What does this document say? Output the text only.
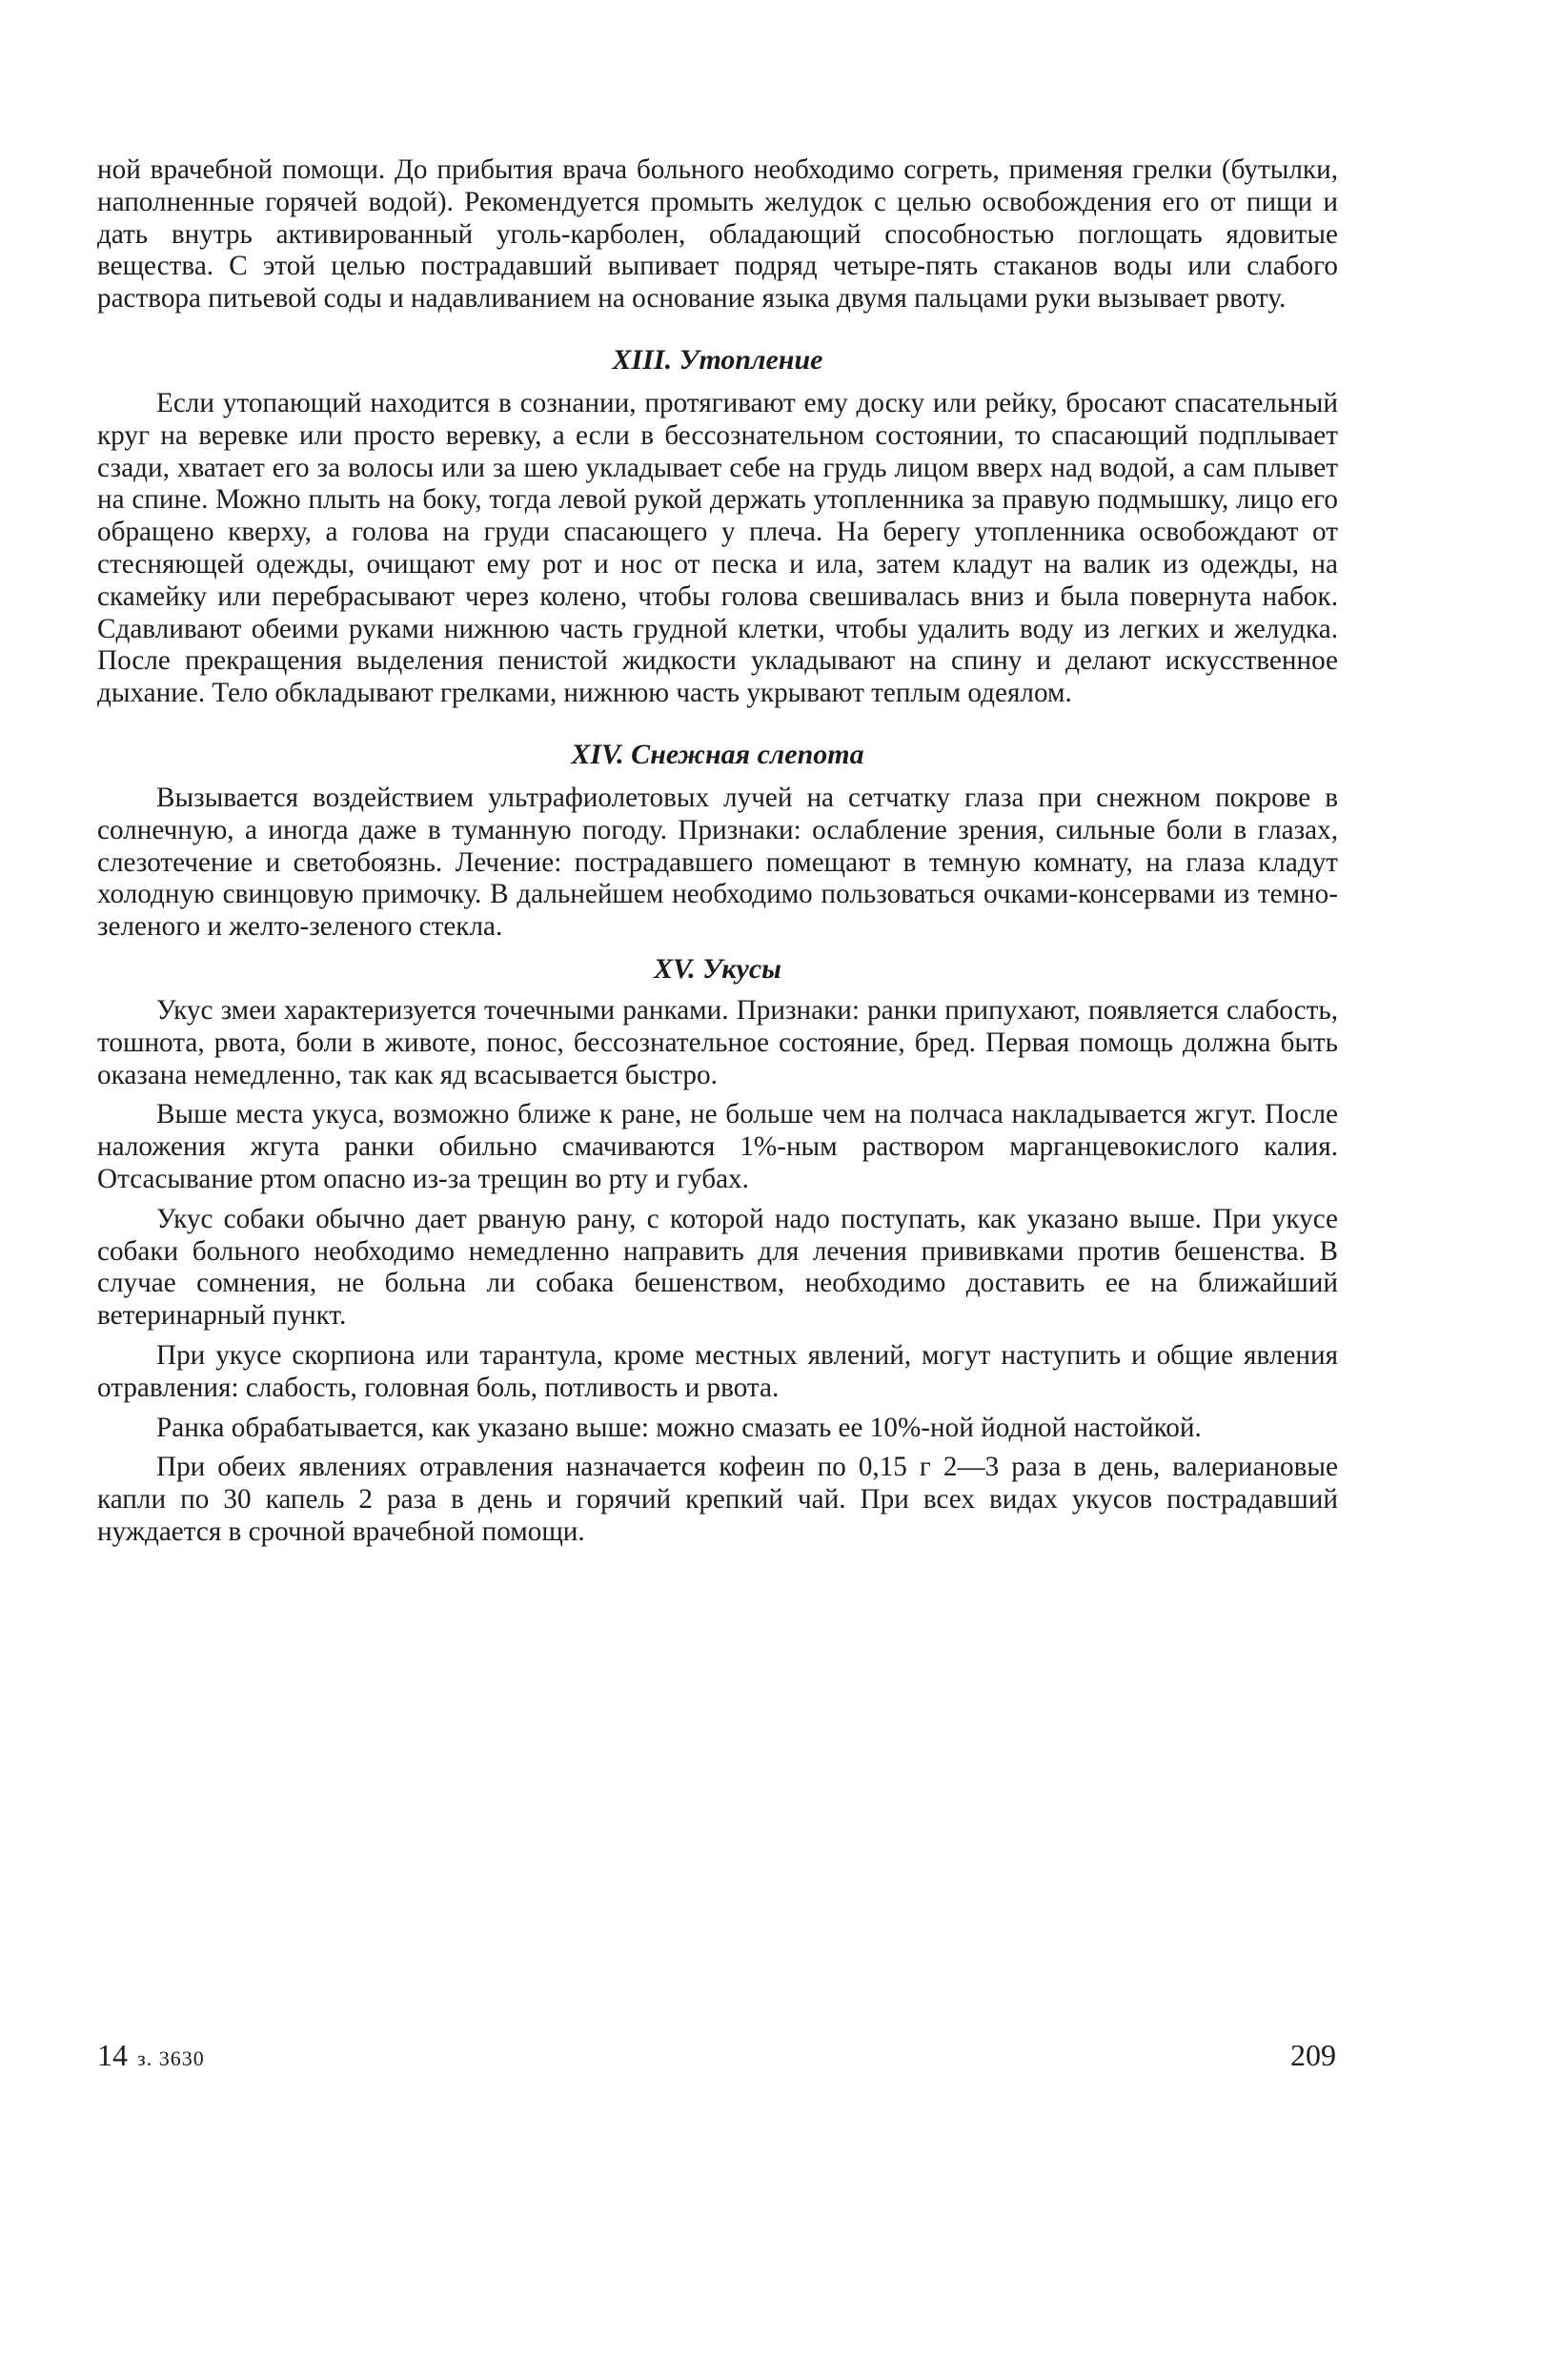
ной врачебной помощи. До прибытия врача больного необходимо согреть, применяя грелки (бутылки, наполненные горячей водой). Рекомендуется промыть желудок с целью освобождения его от пищи и дать внутрь активированный уголь-карболен, обладающий способностью поглощать ядовитые вещества. С этой целью пострадавший выпивает подряд четыре-пять стаканов воды или слабого раствора питьевой соды и надавливанием на основание языка двумя пальцами руки вызывает рвоту.

XIII. Утопление

Если утопающий находится в сознании, протягивают ему доску или рейку, бросают спасательный круг на веревке или просто веревку, а если в бессознательном состоянии, то спасающий подплывает сзади, хватает его за волосы или за шею укладывает себе на грудь лицом вверх над водой, а сам плывет на спине. Можно плыть на боку, тогда левой рукой держать утопленника за правую подмышку, лицо его обращено кверху, а голова на груди спасающего у плеча. На берегу утопленника освобождают от стесняющей одежды, очищают ему рот и нос от песка и ила, затем кладут на валик из одежды, на скамейку или перебрасывают через колено, чтобы голова свешивалась вниз и была повернута набок. Сдавливают обеими руками нижнюю часть грудной клетки, чтобы удалить воду из легких и желудка. После прекращения выделения пенистой жидкости укладывают на спину и делают искусственное дыхание. Тело обкладывают грелками, нижнюю часть укрывают теплым одеялом.

XIV. Снежная слепота

Вызывается воздействием ультрафиолетовых лучей на сетчатку глаза при снежном покрове в солнечную, а иногда даже в туманную погоду. Признаки: ослабление зрения, сильные боли в глазах, слезотечение и светобоязнь. Лечение: пострадавшего помещают в темную комнату, на глаза кладут холодную свинцовую примочку. В дальнейшем необходимо пользоваться очками-консервами из темно-зеленого и желто-зеленого стекла.

XV. Укусы

Укус змеи характеризуется точечными ранками. Признаки: ранки припухают, появляется слабость, тошнота, рвота, боли в животе, понос, бессознательное состояние, бред. Первая помощь должна быть оказана немедленно, так как яд всасывается быстро.

Выше места укуса, возможно ближе к ране, не больше чем на полчаса накладывается жгут. После наложения жгута ранки обильно смачиваются 1%-ным раствором марганцевокислого калия. Отсасывание ртом опасно из-за трещин во рту и губах.

Укус собаки обычно дает рваную рану, с которой надо поступать, как указано выше. При укусе собаки больного необходимо немедленно направить для лечения прививками против бешенства. В случае сомнения, не больна ли собака бешенством, необходимо доставить ее на ближайший ветеринарный пункт.

При укусе скорпиона или тарантула, кроме местных явлений, могут наступить и общие явления отравления: слабость, головная боль, потливость и рвота.

Ранка обрабатывается, как указано выше: можно смазать ее 10%-ной йодной настойкой.

При обеих явлениях отравления назначается кофеин по 0,15 г 2—3 раза в день, валериановые капли по 30 капель 2 раза в день и горячий крепкий чай. При всех видах укусов пострадавший нуждается в срочной врачебной помощи.

14 з. 3630	209
